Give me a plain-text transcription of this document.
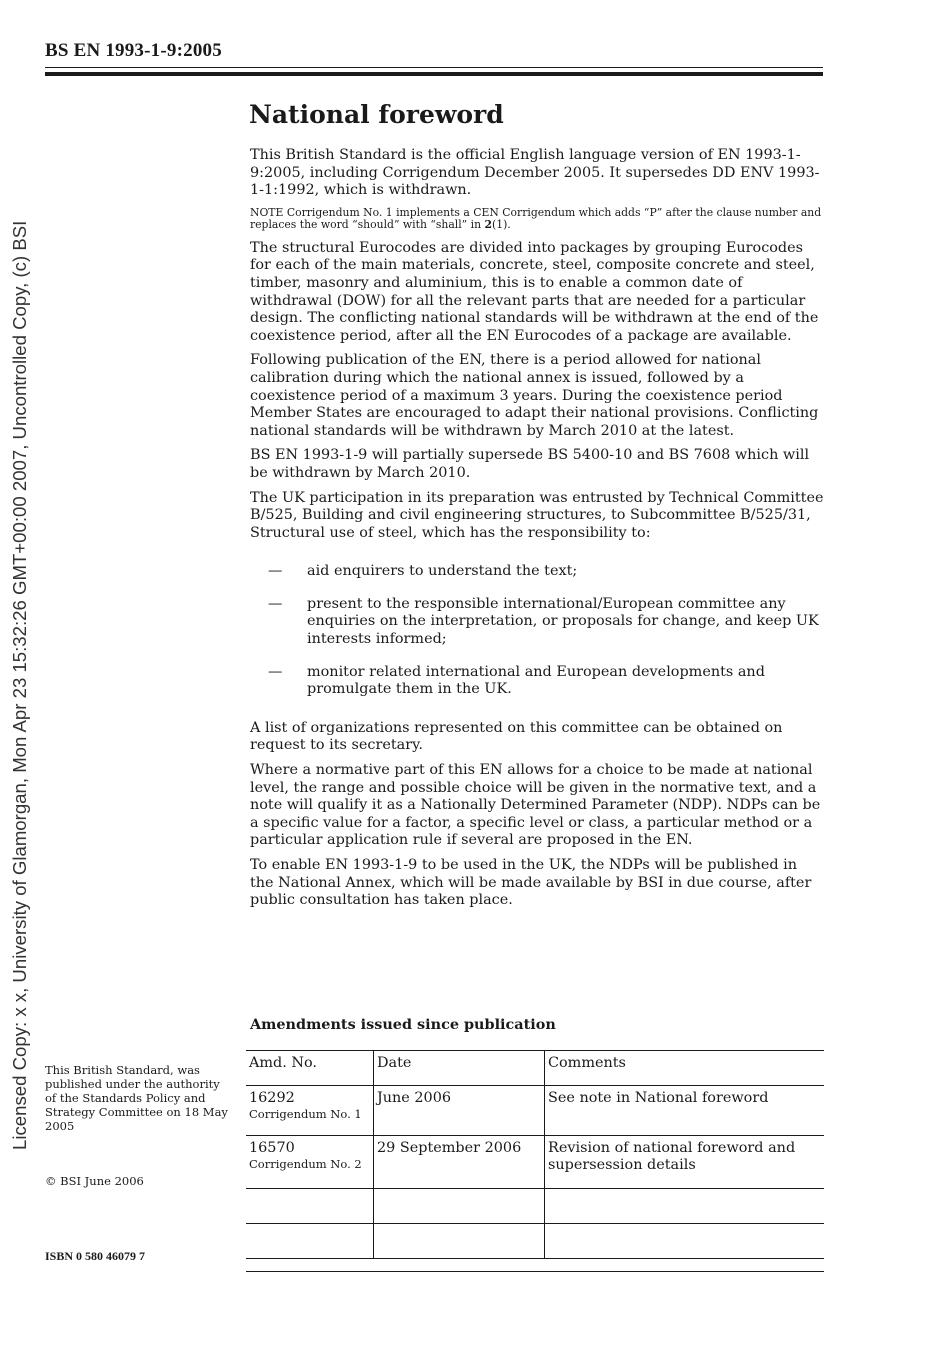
BS EN 1993-1-9:2005
Licensed Copy: x x, University of Glamorgan, Mon Apr 23 15:32:26 GMT+00:00 2007, Uncontrolled Copy, (c) BSI
National foreword

This British Standard is the official English language version of EN 1993-1-9:2005, including Corrigendum December 2005. It supersedes DD ENV 1993-1-1:1992, which is withdrawn.

NOTE Corrigendum No. 1 implements a CEN Corrigendum which adds “P” after the clause number and replaces the word “should” with “shall” in 2(1).

The structural Eurocodes are divided into packages by grouping Eurocodes for each of the main materials, concrete, steel, composite concrete and steel, timber, masonry and aluminium, this is to enable a common date of withdrawal (DOW) for all the relevant parts that are needed for a particular design. The conflicting national standards will be withdrawn at the end of the coexistence period, after all the EN Eurocodes of a package are available.

Following publication of the EN, there is a period allowed for national calibration during which the national annex is issued, followed by a coexistence period of a maximum 3 years. During the coexistence period Member States are encouraged to adapt their national provisions. Conflicting national standards will be withdrawn by March 2010 at the latest.

BS EN 1993-1-9 will partially supersede BS 5400-10 and BS 7608 which will be withdrawn by March 2010.

The UK participation in its preparation was entrusted by Technical Committee B/525, Building and civil engineering structures, to Subcommittee B/525/31, Structural use of steel, which has the responsibility to:

— aid enquirers to understand the text;
— present to the responsible international/European committee any enquiries on the interpretation, or proposals for change, and keep UK interests informed;
— monitor related international and European developments and promulgate them in the UK.

A list of organizations represented on this committee can be obtained on request to its secretary.

Where a normative part of this EN allows for a choice to be made at national level, the range and possible choice will be given in the normative text, and a note will qualify it as a Nationally Determined Parameter (NDP). NDPs can be a specific value for a factor, a specific level or class, a particular method or a particular application rule if several are proposed in the EN.

To enable EN 1993-1-9 to be used in the UK, the NDPs will be published in the National Annex, which will be made available by BSI in due course, after public consultation has taken place.

Amendments issued since publication
Amd. No.	Date	Comments
16292
Corrigendum No. 1	June 2006	See note in National foreword
16570
Corrigendum No. 2	29 September 2006	Revision of national foreword and supersession details

This British Standard, was published under the authority of the Standards Policy and Strategy Committee on 18 May 2005
© BSI June 2006
ISBN 0 580 46079 7
